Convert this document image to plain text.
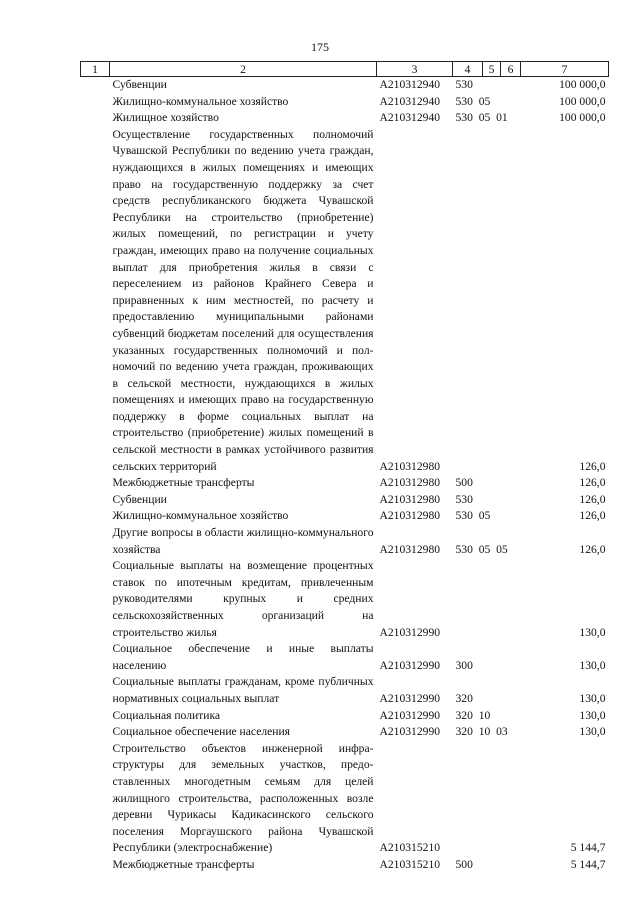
175
1	2	3	4	5	6	7
	Субвенции	А210312940	530			100 000,0
	Жилищно-коммунальное хозяйство	А210312940	530  05			100 000,0
	Жилищное хозяйство	А210312940	530  05  01			100 000,0
	Осуществление государственных полномочий Чувашской Республики по ведению учета граждан, нуждающихся в жилых помещениях и имеющих право на государственную поддержку за счет средств республиканского бюджета Чувашской Республики на строительство (приобретение) жилых помещений, по регистрации и учету граждан, имеющих право на получение социальных выплат для приобретения жилья в связи с переселением из районов Крайнего Севера и приравненных к ним местностей, по расчету и предоставлению муниципальными районами субвенций бюджетам поселений для осуществления указанных государственных полномочий и полномочий по ведению учета граждан, проживающих в сельской местности, нуждающихся в жилых помещениях и имеющих право на государственную поддержку в форме социальных выплат на строительство (приобретение) жилых помещений в сельской местности в рамках устойчивого развития сельских территорий	А210312980				126,0
	Межбюджетные трансферты	А210312980	500			126,0
	Субвенции	А210312980	530			126,0
	Жилищно-коммунальное хозяйство	А210312980	530  05			126,0
	Другие вопросы в области жилищно-коммунального хозяйства	А210312980	530  05  05			126,0
	Социальные выплаты на возмещение процентных ставок по ипотечным кредитам, привлеченным руководителями крупных и средних сельскохозяйственных организаций на строительство жилья	А210312990				130,0
	Социальное обеспечение и иные выплаты населению	А210312990	300			130,0
	Социальные выплаты гражданам, кроме публичных нормативных социальных выплат	А210312990	320			130,0
	Социальная политика	А210312990	320  10			130,0
	Социальное обеспечение населения	А210312990	320  10  03			130,0
	Строительство объектов инженерной инфраструктуры для земельных участков, предоставленных многодетным семьям для целей жилищного строительства, расположенных возле деревни Чурикасы Кадикасинского сельского поселения Моргаушского района Чувашской Республики (электроснабжение)	А210315210				5 144,7
	Межбюджетные трансферты	А210315210	500			5 144,7
